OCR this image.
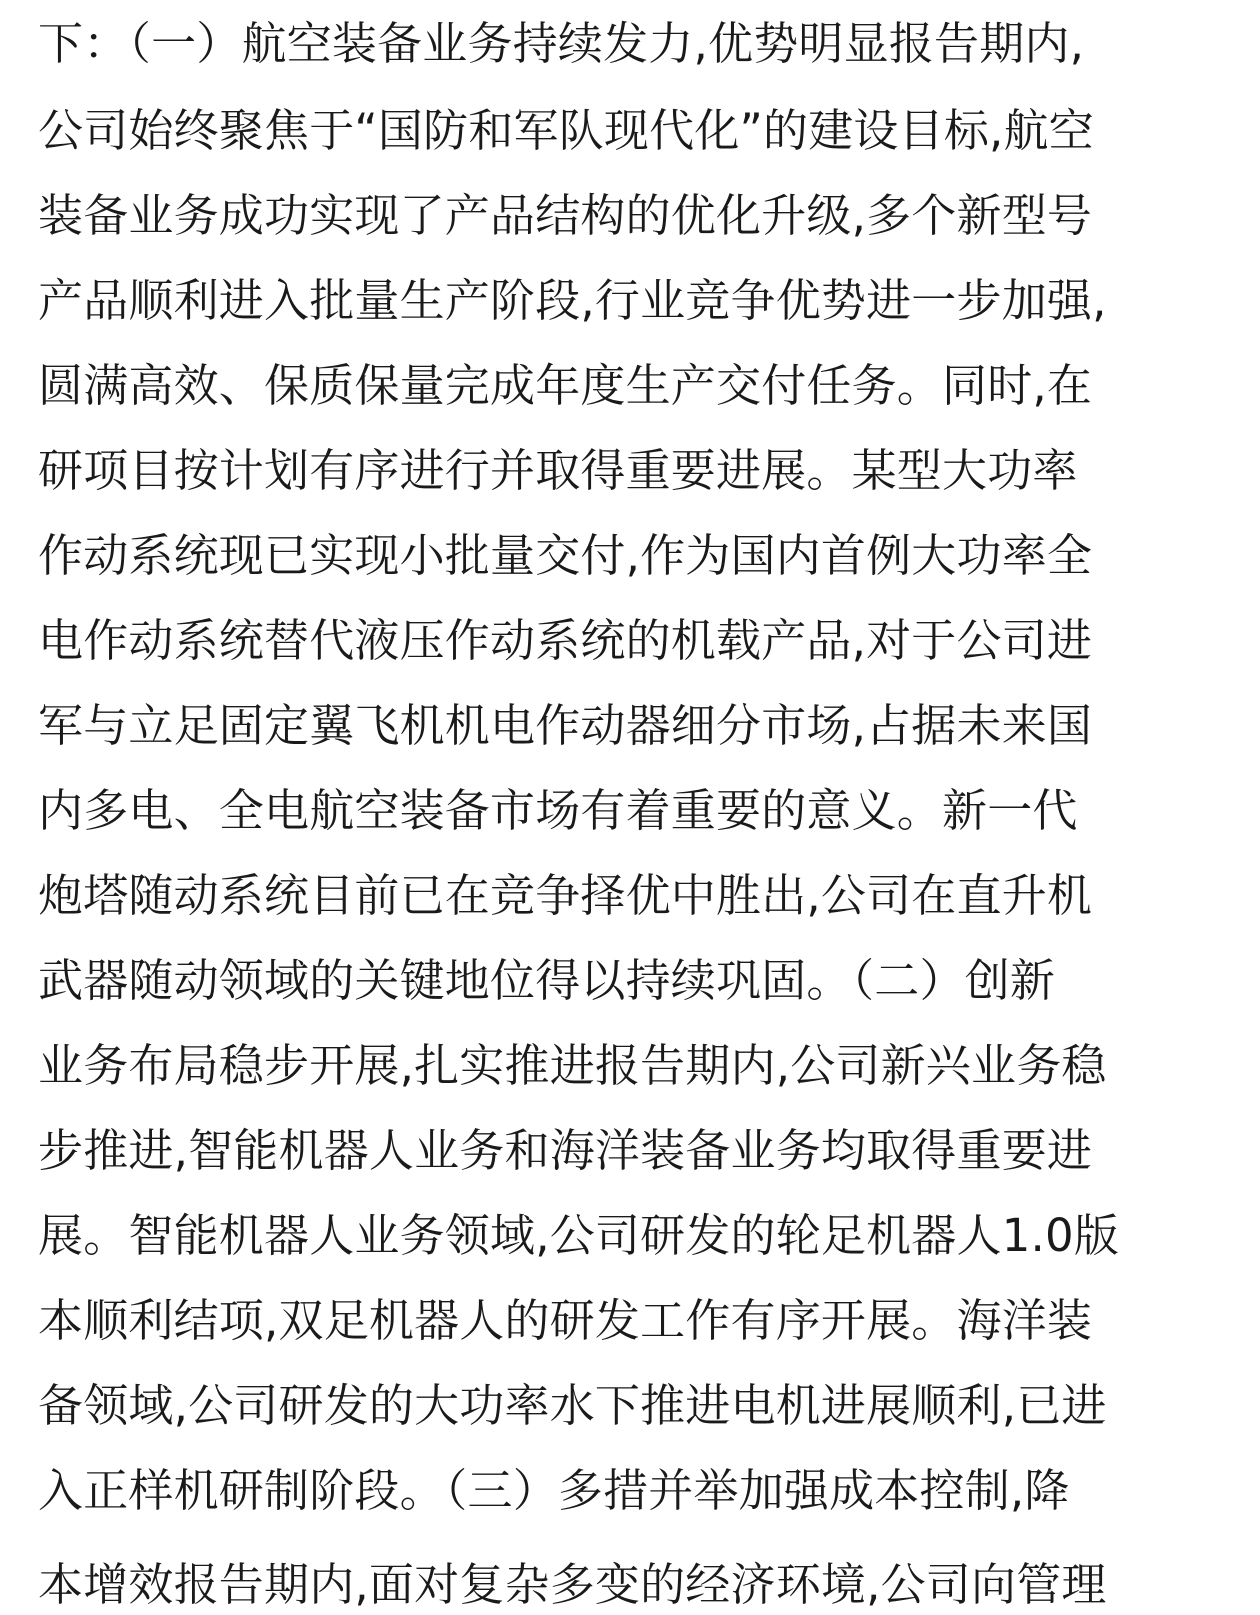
下：（一）航空装备业务持续发力,优势明显报告期内,
公司始终聚焦于“国防和军队现代化”的建设目标,航空
装备业务成功实现了产品结构的优化升级,多个新型号
产品顺利进入批量生产阶段,行业竞争优势进一步加强,
圆满高效、保质保量完成年度生产交付任务。同时,在
研项目按计划有序进行并取得重要进展。某型大功率
作动系统现已实现小批量交付,作为国内首例大功率全
电作动系统替代液压作动系统的机载产品,对于公司进
军与立足固定翼飞机机电作动器细分市场,占据未来国
内多电、全电航空装备市场有着重要的意义。新一代
炮塔随动系统目前已在竞争择优中胜出,公司在直升机
武器随动领域的关键地位得以持续巩固。（二）创新
业务布局稳步开展,扎实推进报告期内,公司新兴业务稳
步推进,智能机器人业务和海洋装备业务均取得重要进
展。智能机器人业务领域,公司研发的轮足机器人1.0版
本顺利结项,双足机器人的研发工作有序开展。海洋装
备领域,公司研发的大功率水下推进电机进展顺利,已进
入正样机研制阶段。（三）多措并举加强成本控制,降
本增效报告期内,面对复杂多变的经济环境,公司向管理
